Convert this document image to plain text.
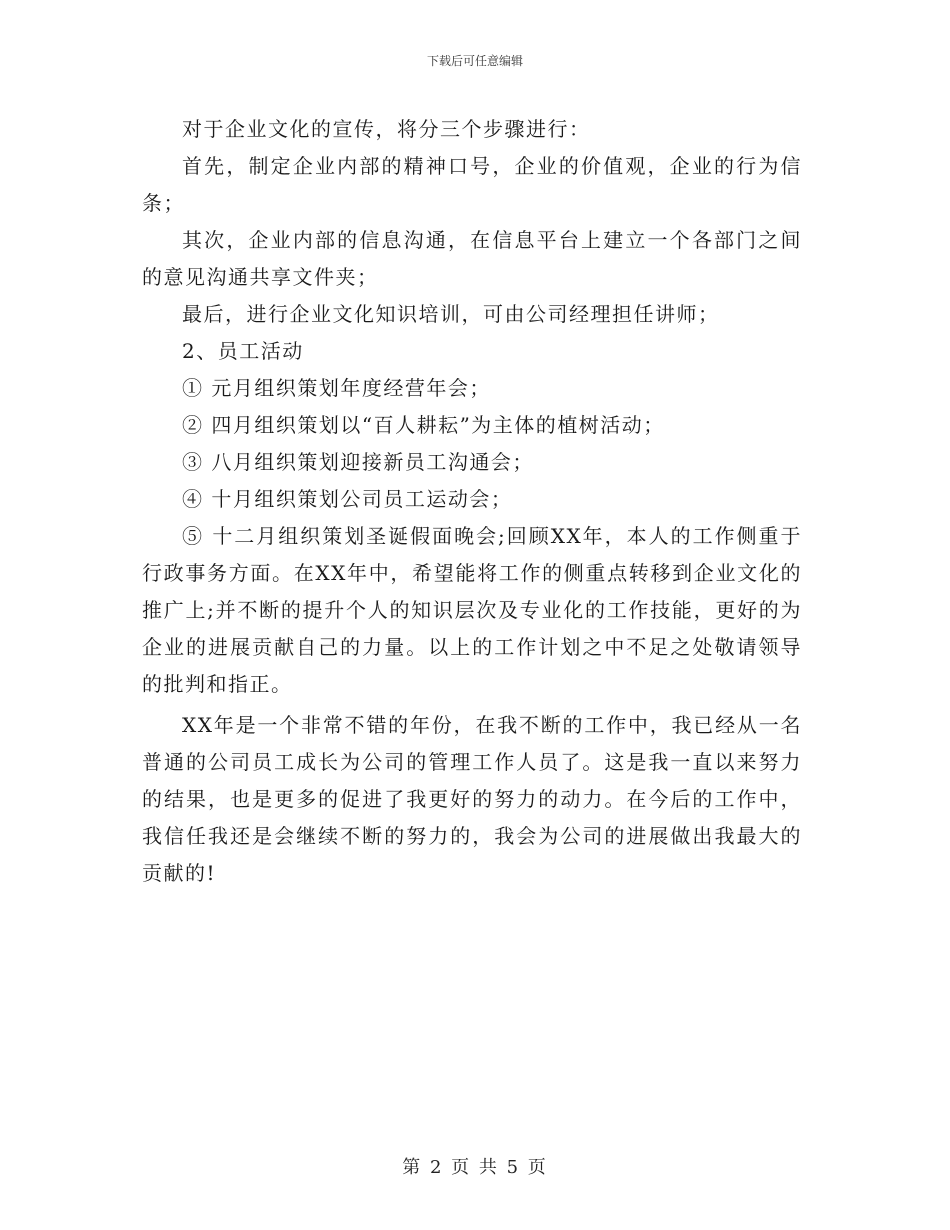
下载后可任意编辑

对于企业文化的宣传，将分三个步骤进行：

首先，制定企业内部的精神口号，企业的价值观，企业的行为信条；

其次，企业内部的信息沟通，在信息平台上建立一个各部门之间的意见沟通共享文件夹；

最后，进行企业文化知识培训，可由公司经理担任讲师；

2、员工活动

① 元月组织策划年度经营年会；

② 四月组织策划以“百人耕耘”为主体的植树活动；

③ 八月组织策划迎接新员工沟通会；

④ 十月组织策划公司员工运动会；

⑤ 十二月组织策划圣诞假面晚会;回顾XX年，本人的工作侧重于行政事务方面。在XX年中，希望能将工作的侧重点转移到企业文化的推广上;并不断的提升个人的知识层次及专业化的工作技能，更好的为企业的进展贡献自己的力量。以上的工作计划之中不足之处敬请领导的批判和指正。

XX年是一个非常不错的年份，在我不断的工作中，我已经从一名普通的公司员工成长为公司的管理工作人员了。这是我一直以来努力的结果，也是更多的促进了我更好的努力的动力。在今后的工作中，我信任我还是会继续不断的努力的，我会为公司的进展做出我最大的贡献的!

第 2 页 共 5 页
